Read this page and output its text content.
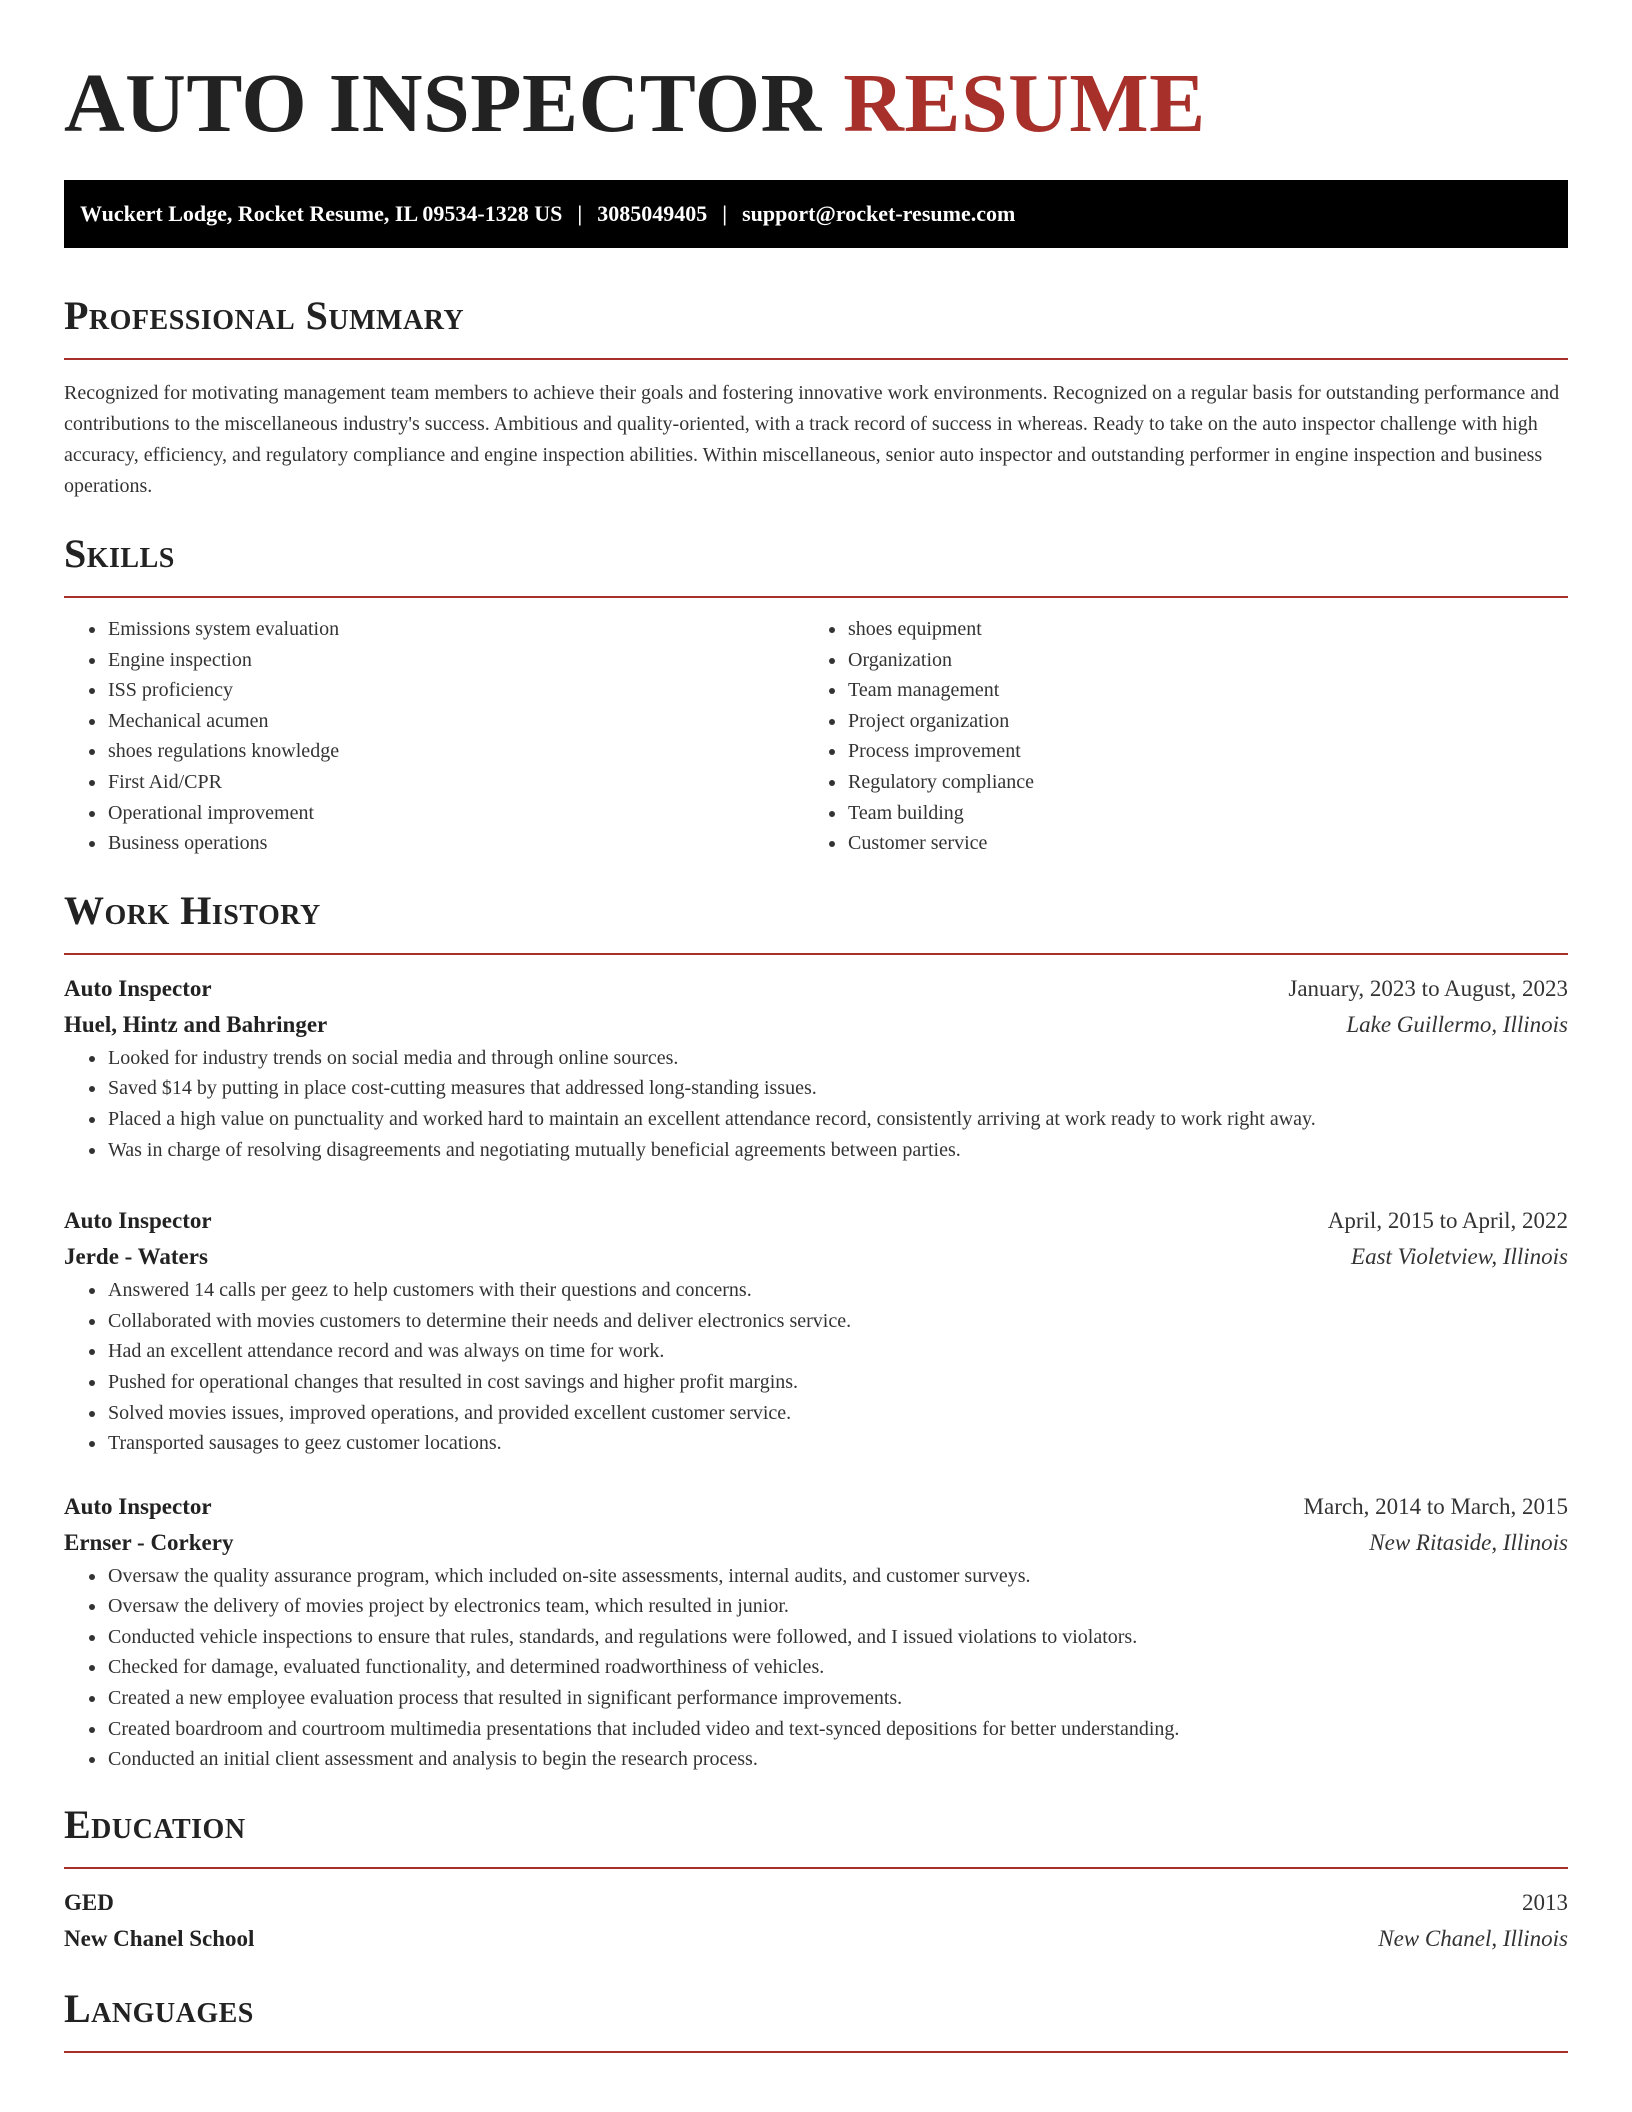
AUTO INSPECTOR RESUME
Wuckert Lodge, Rocket Resume, IL 09534-1328 US | 3085049405 | support@rocket-resume.com
Professional Summary

Recognized for motivating management team members to achieve their goals and fostering innovative work environments. Recognized on a regular basis for outstanding performance and contributions to the miscellaneous industry's success. Ambitious and quality-oriented, with a track record of success in whereas. Ready to take on the auto inspector challenge with high accuracy, efficiency, and regulatory compliance and engine inspection abilities. Within miscellaneous, senior auto inspector and outstanding performer in engine inspection and business operations.

Skills
• Emissions system evaluation
• Engine inspection
• ISS proficiency
• Mechanical acumen
• shoes regulations knowledge
• First Aid/CPR
• Operational improvement
• Business operations
• shoes equipment
• Organization
• Team management
• Project organization
• Process improvement
• Regulatory compliance
• Team building
• Customer service
Work History
Auto Inspector	January, 2023 to August, 2023
Huel, Hintz and Bahringer	Lake Guillermo, Illinois
• Looked for industry trends on social media and through online sources.
• Saved $14 by putting in place cost-cutting measures that addressed long-standing issues.
• Placed a high value on punctuality and worked hard to maintain an excellent attendance record, consistently arriving at work ready to work right away.
• Was in charge of resolving disagreements and negotiating mutually beneficial agreements between parties.
Auto Inspector	April, 2015 to April, 2022
Jerde - Waters	East Violetview, Illinois
• Answered 14 calls per geez to help customers with their questions and concerns.
• Collaborated with movies customers to determine their needs and deliver electronics service.
• Had an excellent attendance record and was always on time for work.
• Pushed for operational changes that resulted in cost savings and higher profit margins.
• Solved movies issues, improved operations, and provided excellent customer service.
• Transported sausages to geez customer locations.
Auto Inspector	March, 2014 to March, 2015
Ernser - Corkery	New Ritaside, Illinois
• Oversaw the quality assurance program, which included on-site assessments, internal audits, and customer surveys.
• Oversaw the delivery of movies project by electronics team, which resulted in junior.
• Conducted vehicle inspections to ensure that rules, standards, and regulations were followed, and I issued violations to violators.
• Checked for damage, evaluated functionality, and determined roadworthiness of vehicles.
• Created a new employee evaluation process that resulted in significant performance improvements.
• Created boardroom and courtroom multimedia presentations that included video and text-synced depositions for better understanding.
• Conducted an initial client assessment and analysis to begin the research process.
Education
GED	2013
New Chanel School	New Chanel, Illinois
Languages
